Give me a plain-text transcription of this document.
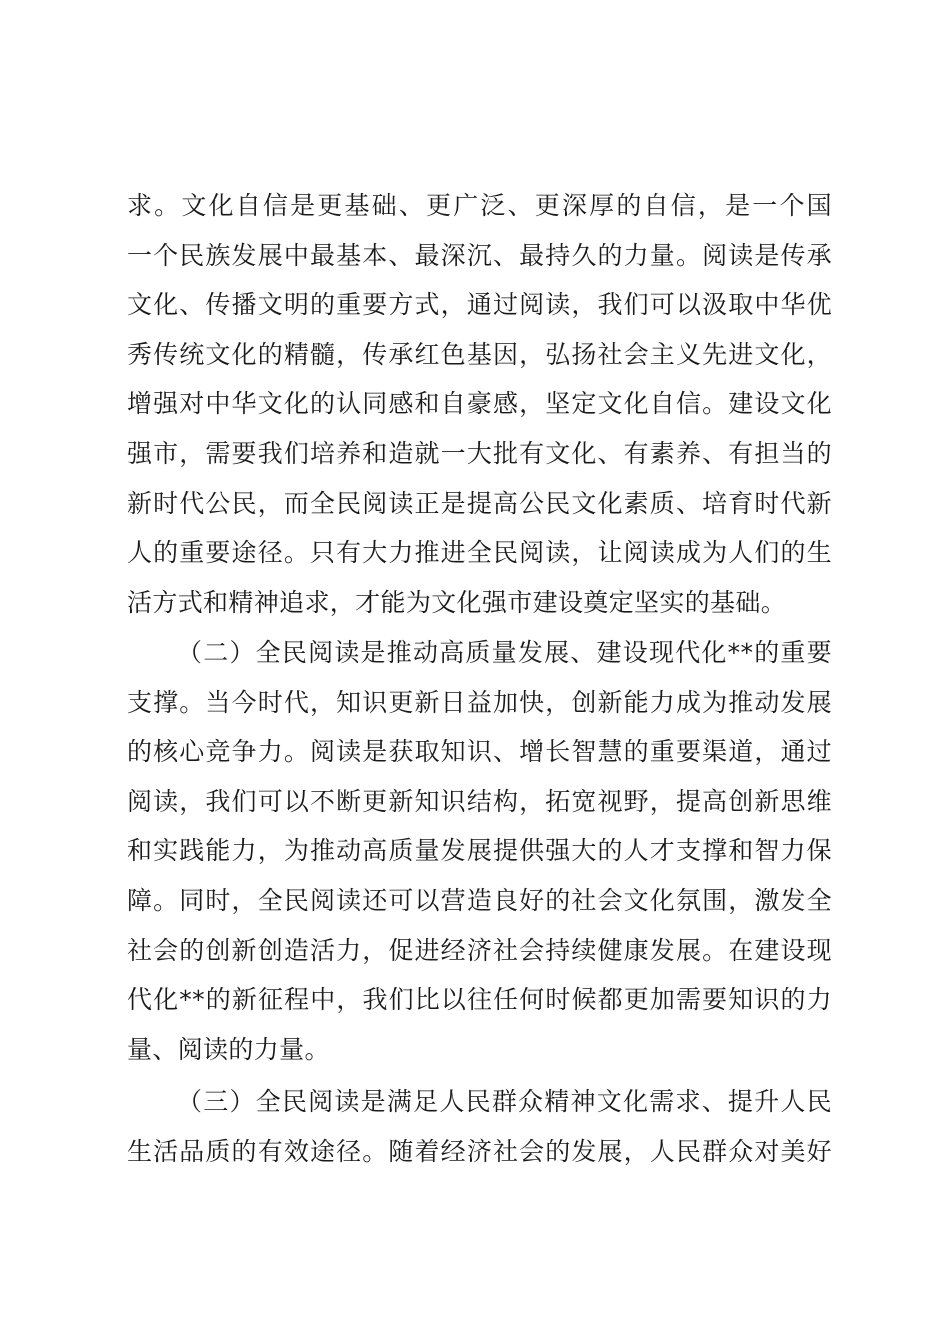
求。文化自信是更基础、更广泛、更深厚的自信，是一个国
一个民族发展中最基本、最深沉、最持久的力量。阅读是传承
文化、传播文明的重要方式，通过阅读，我们可以汲取中华优
秀传统文化的精髓，传承红色基因，弘扬社会主义先进文化，
增强对中华文化的认同感和自豪感，坚定文化自信。建设文化
强市，需要我们培养和造就一大批有文化、有素养、有担当的
新时代公民，而全民阅读正是提高公民文化素质、培育时代新
人的重要途径。只有大力推进全民阅读，让阅读成为人们的生
活方式和精神追求，才能为文化强市建设奠定坚实的基础。
（二）全民阅读是推动高质量发展、建设现代化**的重要
支撑。当今时代，知识更新日益加快，创新能力成为推动发展
的核心竞争力。阅读是获取知识、增长智慧的重要渠道，通过
阅读，我们可以不断更新知识结构，拓宽视野，提高创新思维
和实践能力，为推动高质量发展提供强大的人才支撑和智力保
障。同时，全民阅读还可以营造良好的社会文化氛围，激发全
社会的创新创造活力，促进经济社会持续健康发展。在建设现
代化**的新征程中，我们比以往任何时候都更加需要知识的力
量、阅读的力量。
（三）全民阅读是满足人民群众精神文化需求、提升人民
生活品质的有效途径。随着经济社会的发展，人民群众对美好
